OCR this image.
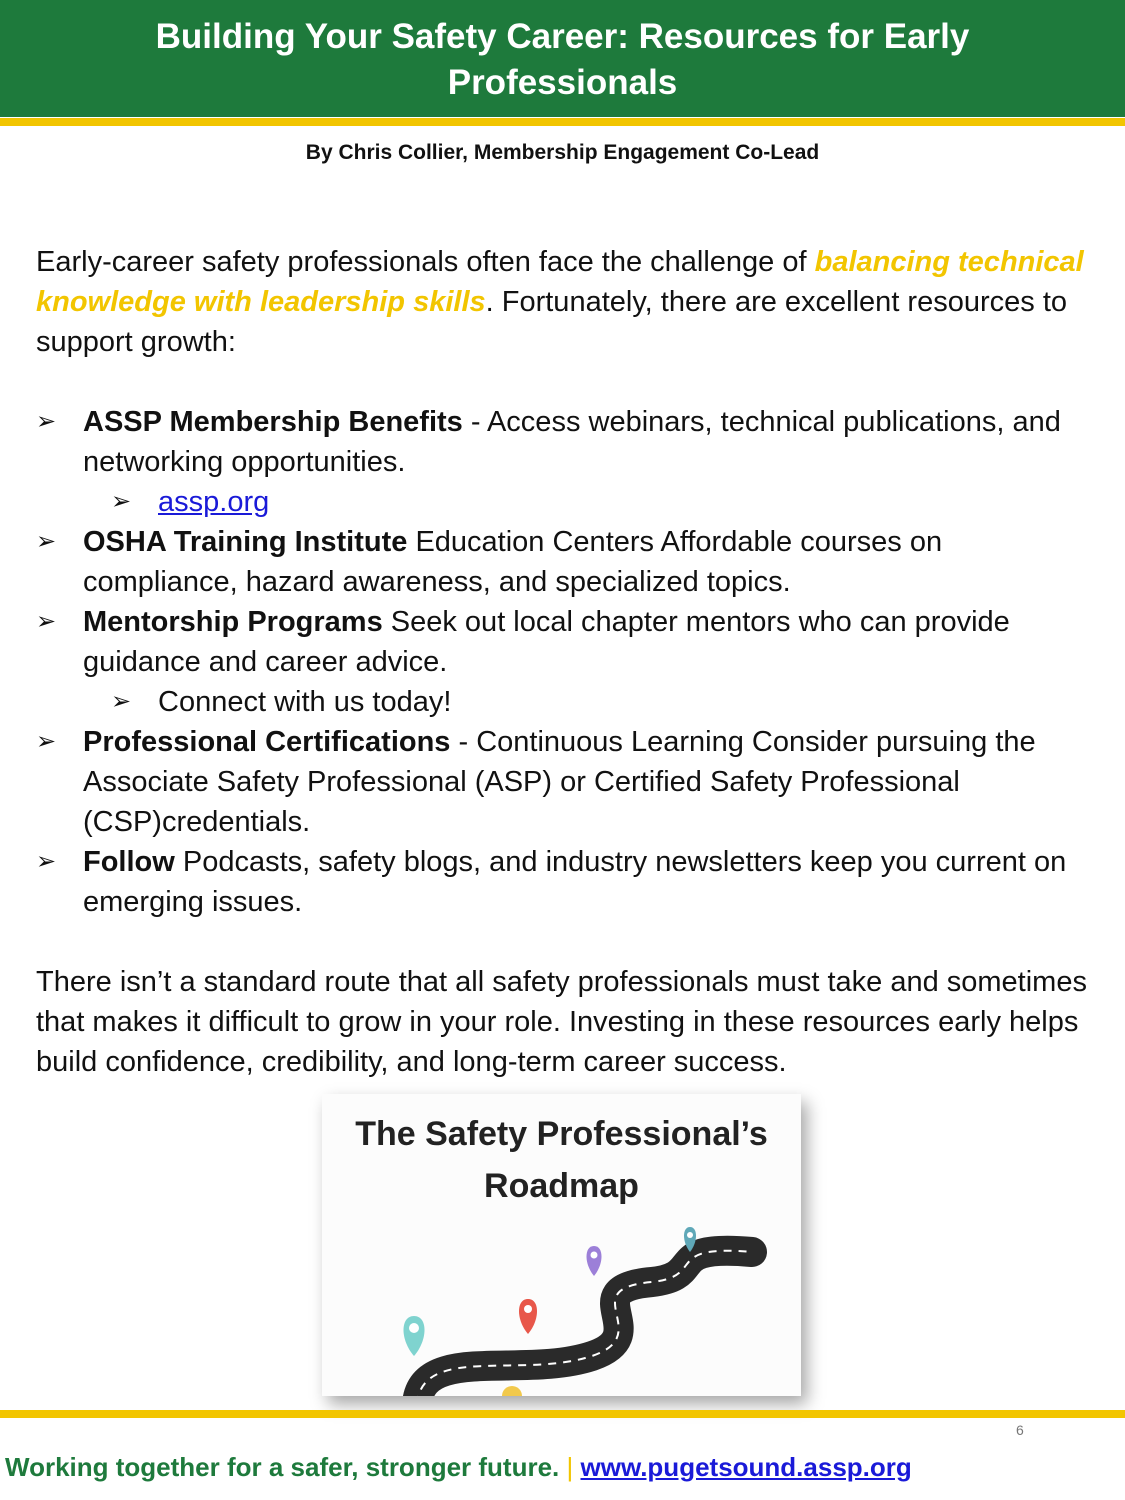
Building Your Safety Career: Resources for Early Professionals
By Chris Collier, Membership Engagement Co-Lead
Early-career safety professionals often face the challenge of balancing technical knowledge with leadership skills. Fortunately, there are excellent resources to support growth:
➢ ASSP Membership Benefits - Access webinars, technical publications, and networking opportunities.
➢ assp.org
➢ OSHA Training Institute Education Centers Affordable courses on compliance, hazard awareness, and specialized topics.
➢ Mentorship Programs Seek out local chapter mentors who can provide guidance and career advice.
➢ Connect with us today!
➢ Professional Certifications - Continuous Learning Consider pursuing the Associate Safety Professional (ASP) or Certified Safety Professional (CSP)credentials.
➢ Follow Podcasts, safety blogs, and industry newsletters keep you current on emerging issues.
There isn’t a standard route that all safety professionals must take and sometimes that makes it difficult to grow in your role. Investing in these resources early helps build confidence, credibility, and long-term career success.
The Safety Professional’s Roadmap
6
Working together for a safer, stronger future. | www.pugetsound.assp.org
